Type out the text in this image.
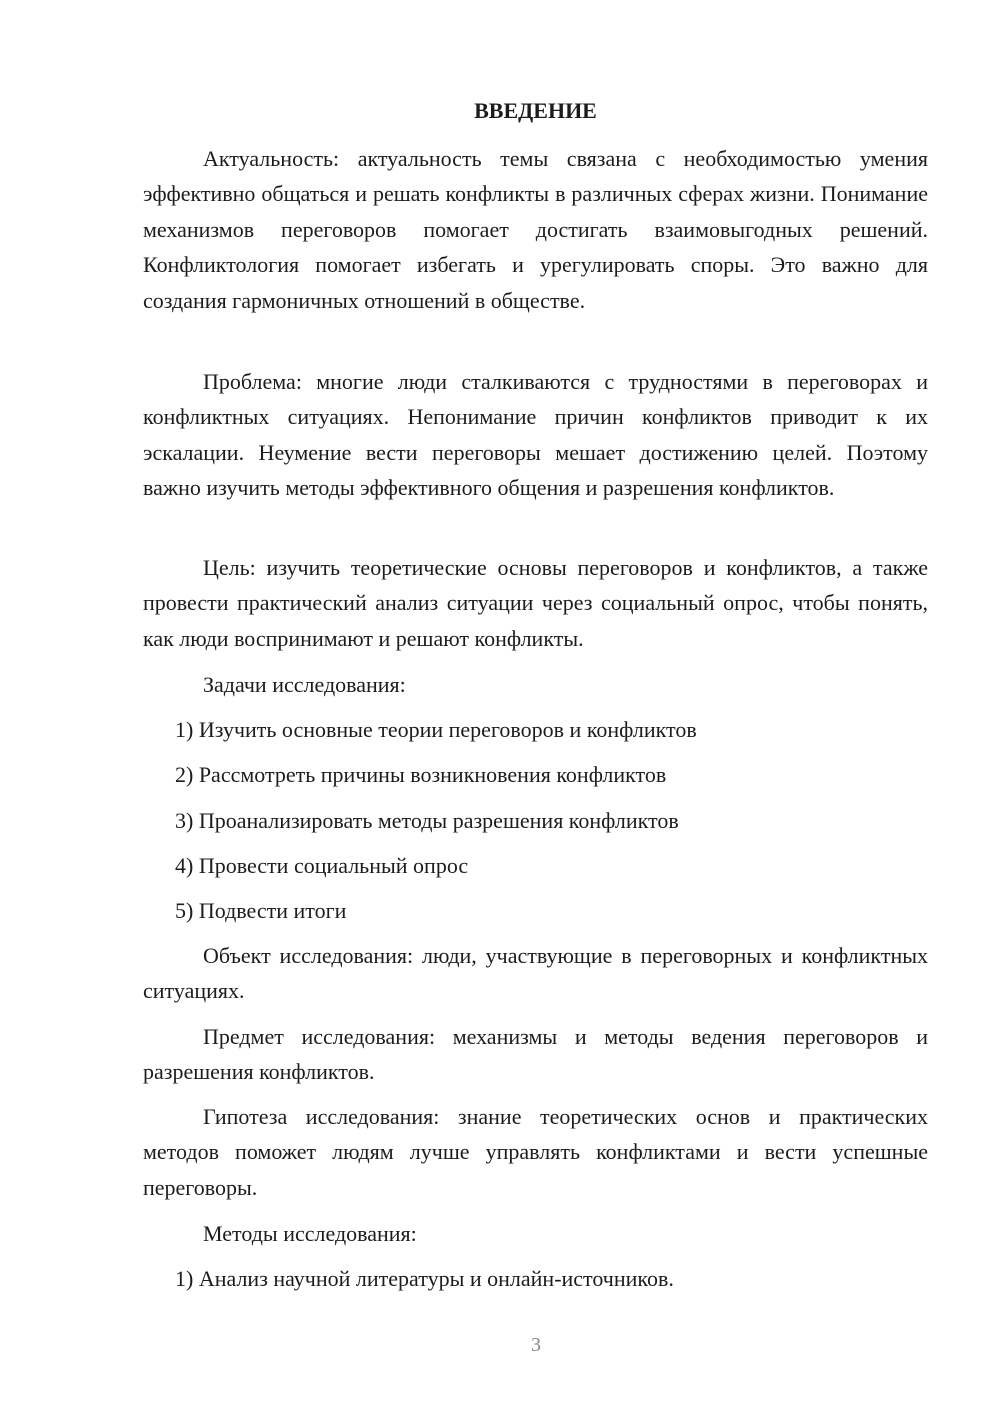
ВВЕДЕНИЕ

Актуальность: актуальность темы связана с необходимостью умения эффективно общаться и решать конфликты в различных сферах жизни. Понимание механизмов переговоров помогает достигать взаимовыгодных решений. Конфликтология помогает избегать и урегулировать споры. Это важно для создания гармоничных отношений в обществе.

Проблема: многие люди сталкиваются с трудностями в переговорах и конфликтных ситуациях. Непонимание причин конфликтов приводит к их эскалации. Неумение вести переговоры мешает достижению целей. Поэтому важно изучить методы эффективного общения и разрешения конфликтов.

Цель: изучить теоретические основы переговоров и конфликтов, а также провести практический анализ ситуации через социальный опрос, чтобы понять, как люди воспринимают и решают конфликты.

Задачи исследования:

1) Изучить основные теории переговоров и конфликтов

2) Рассмотреть причины возникновения конфликтов

3) Проанализировать методы разрешения конфликтов

4) Провести социальный опрос

5) Подвести итоги

Объект исследования: люди, участвующие в переговорных и конфликтных ситуациях.

Предмет исследования: механизмы и методы ведения переговоров и разрешения конфликтов.

Гипотеза исследования: знание теоретических основ и практических методов поможет людям лучше управлять конфликтами и вести успешные переговоры.

Методы исследования:

1) Анализ научной литературы и онлайн-источников.

3
